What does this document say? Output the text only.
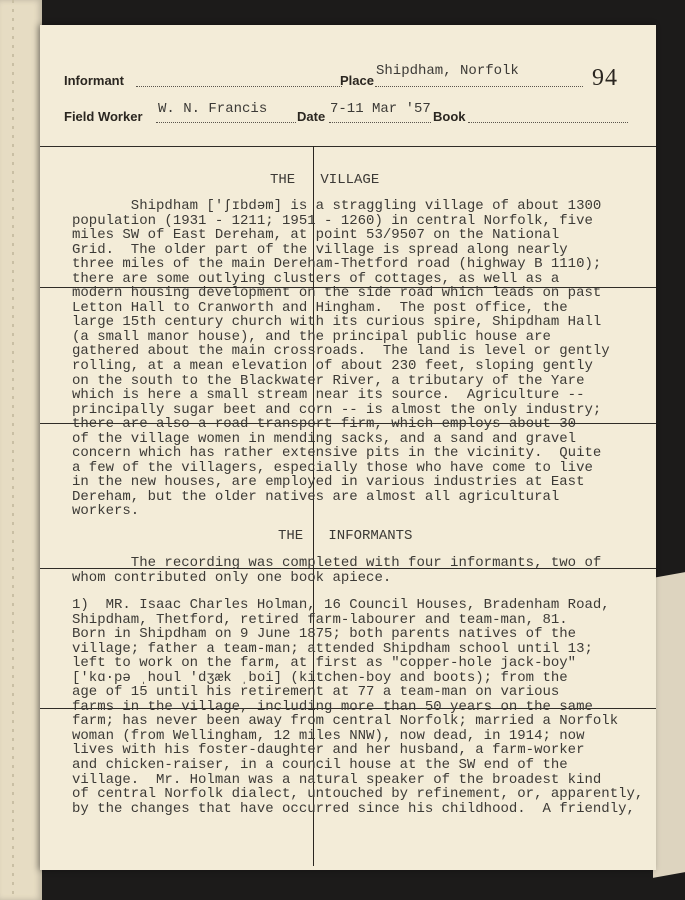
Informant	Place
Shipdham, Norfolk	94
Field Worker W. N. Francis Date 7-11 Mar '57 Book
THE   VILLAGE
Shipdham ['ʃɪbdəm] is a straggling village of about 1300
population (1931 - 1211; 1951 - 1260) in central Norfolk, five
miles SW of East Dereham, at point 53/9507 on the National
Grid.  The older part of the village is spread along nearly
three miles of the main Dereham-Thetford road (highway B 1110);
there are some outlying clusters of cottages, as well as a
modern housing development on the side road which leads on past
Letton Hall to Cranworth and Hingham.  The post office, the
large 15th century church with its curious spire, Shipdham Hall
(a small manor house), and the principal public house are
gathered about the main crossroads.  The land is level or gently
rolling, at a mean elevation of about 230 feet, sloping gently
on the south to the Blackwater River, a tributary of the Yare
which is here a small stream near its source.  Agriculture --
principally sugar beet and corn -- is almost the only industry;
there are also a road transport firm, which employs about 30
of the village women in mending sacks, and a sand and gravel
concern which has rather extensive pits in the vicinity.  Quite
a few of the villagers, especially those who have come to live
in the new houses, are employed in various industries at East
Dereham, but the older natives are almost all agricultural
workers.
THE   INFORMANTS
The recording was completed with four informants, two of
whom contributed only one book apiece.
1)  MR. Isaac Charles Holman, 16 Council Houses, Bradenham Road,
Shipdham, Thetford, retired farm-labourer and team-man, 81.
Born in Shipdham on 9 June 1875; both parents natives of the
village; father a team-man; attended Shipdham school until 13;
left to work on the farm, at first as "copper-hole jack-boy"
['kɑ·pə ˌhoul 'dʒæk ˌboi] (kitchen-boy and boots); from the
age of 15 until his retirement at 77 a team-man on various
farms in the village, including more than 50 years on the same
farm; has never been away from central Norfolk; married a Norfolk
woman (from Wellingham, 12 miles NNW), now dead, in 1914; now
lives with his foster-daughter and her husband, a farm-worker
and chicken-raiser, in a council house at the SW end of the
village.  Mr. Holman was a natural speaker of the broadest kind
of central Norfolk dialect, untouched by refinement, or, apparently,
by the changes that have occurred since his childhood.  A friendly,
